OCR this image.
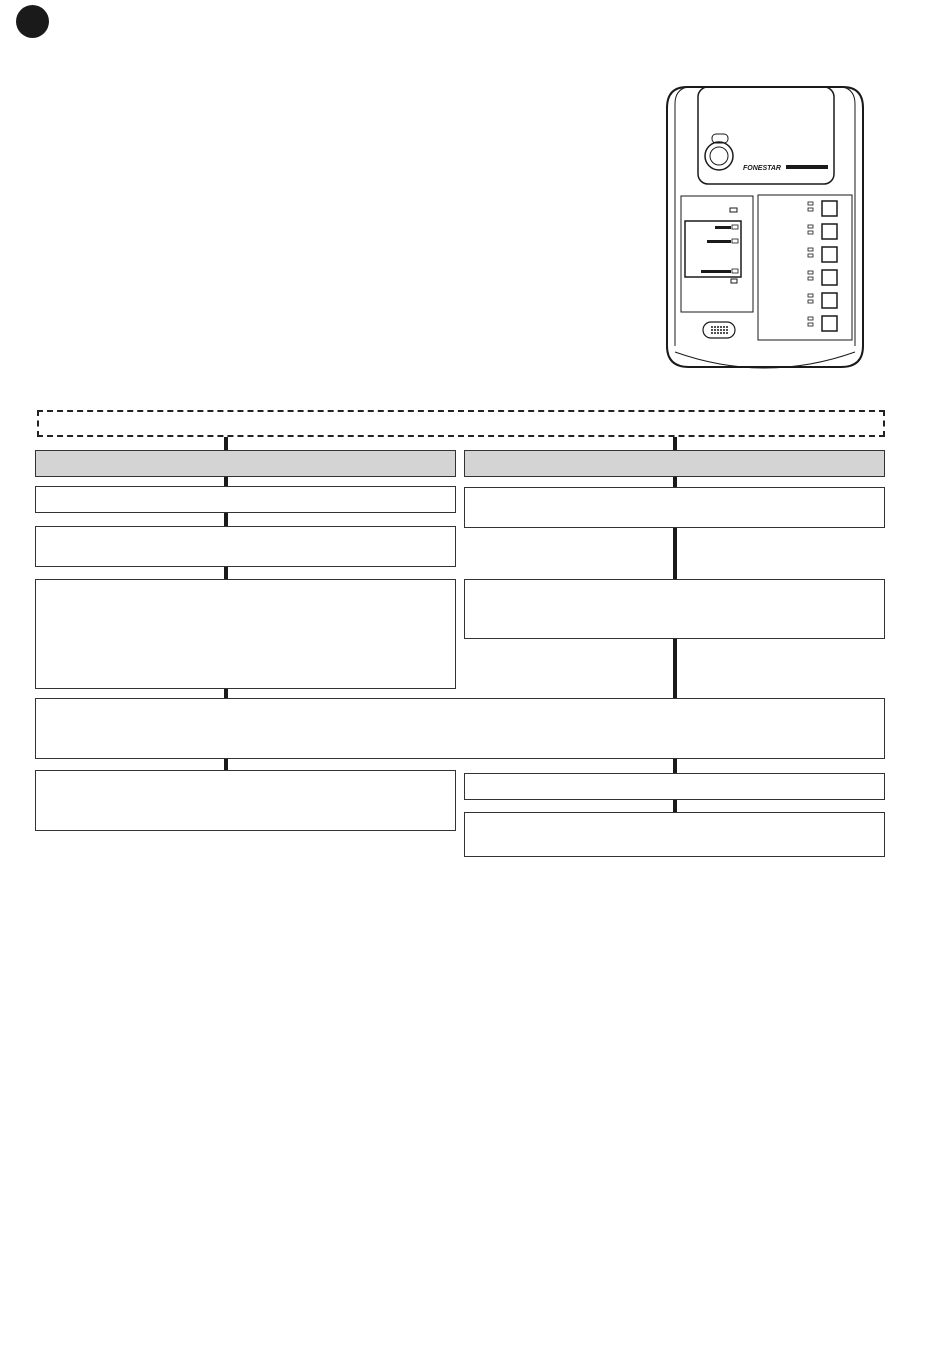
FONESTAR
